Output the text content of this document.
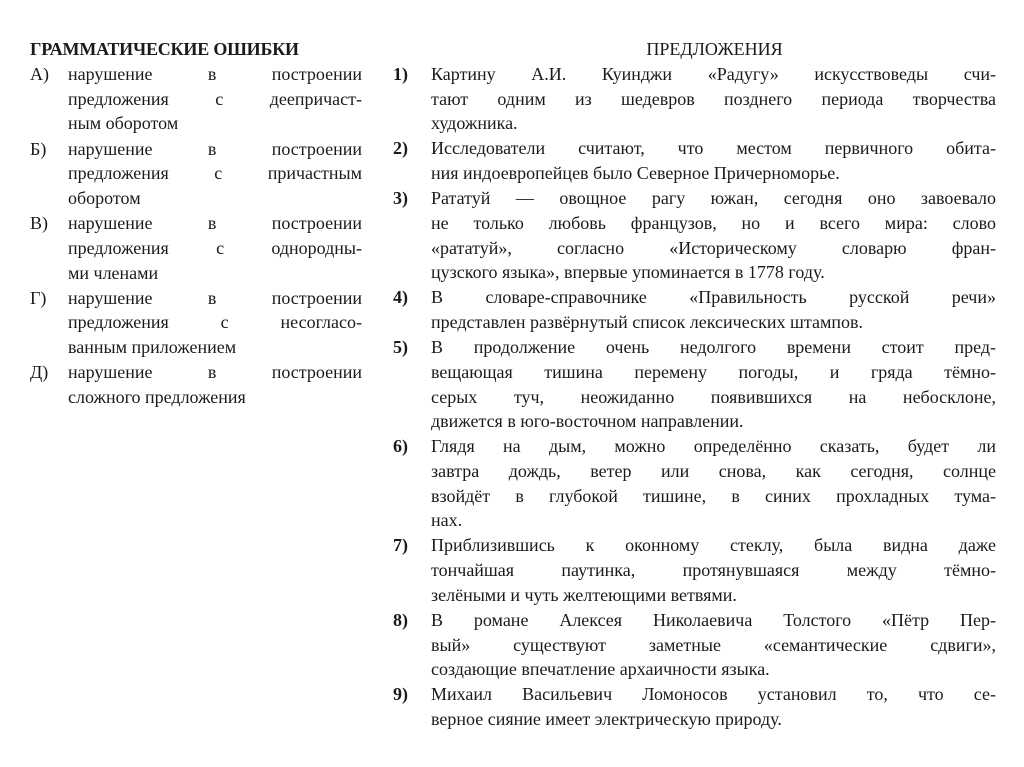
ГРАММАТИЧЕСКИЕ ОШИБКИ
А) нарушение в построении
предложения с деепричаст-
ным оборотом
Б) нарушение в построении
предложения с причастным
оборотом
В) нарушение в построении
предложения с однородны-
ми членами
Г) нарушение в построении
предложения с несогласо-
ванным приложением
Д) нарушение в построении
сложного предложения
ПРЕДЛОЖЕНИЯ
1) Картину А.И. Куинджи «Радугу» искусствоведы счи-
тают одним из шедевров позднего периода творчества
художника.
2) Исследователи считают, что местом первичного обита-
ния индоевропейцев было Северное Причерноморье.
3) Рататуй — овощное рагу южан, сегодня оно завоевало
не только любовь французов, но и всего мира: слово
«рататуй», согласно «Историческому словарю фран-
цузского языка», впервые упоминается в 1778 году.
4) В словаре-справочнике «Правильность русской речи»
представлен развёрнутый список лексических штампов.
5) В продолжение очень недолгого времени стоит пред-
вещающая тишина перемену погоды, и гряда тёмно-
серых туч, неожиданно появившихся на небосклоне,
движется в юго-восточном направлении.
6) Глядя на дым, можно определённо сказать, будет ли
завтра дождь, ветер или снова, как сегодня, солнце
взойдёт в глубокой тишине, в синих прохладных тума-
нах.
7) Приблизившись к оконному стеклу, была видна даже
тончайшая паутинка, протянувшаяся между тёмно-
зелёными и чуть желтеющими ветвями.
8) В романе Алексея Николаевича Толстого «Пётр Пер-
вый» существуют заметные «семантические сдвиги»,
создающие впечатление архаичности языка.
9) Михаил Васильевич Ломоносов установил то, что се-
верное сияние имеет электрическую природу.
